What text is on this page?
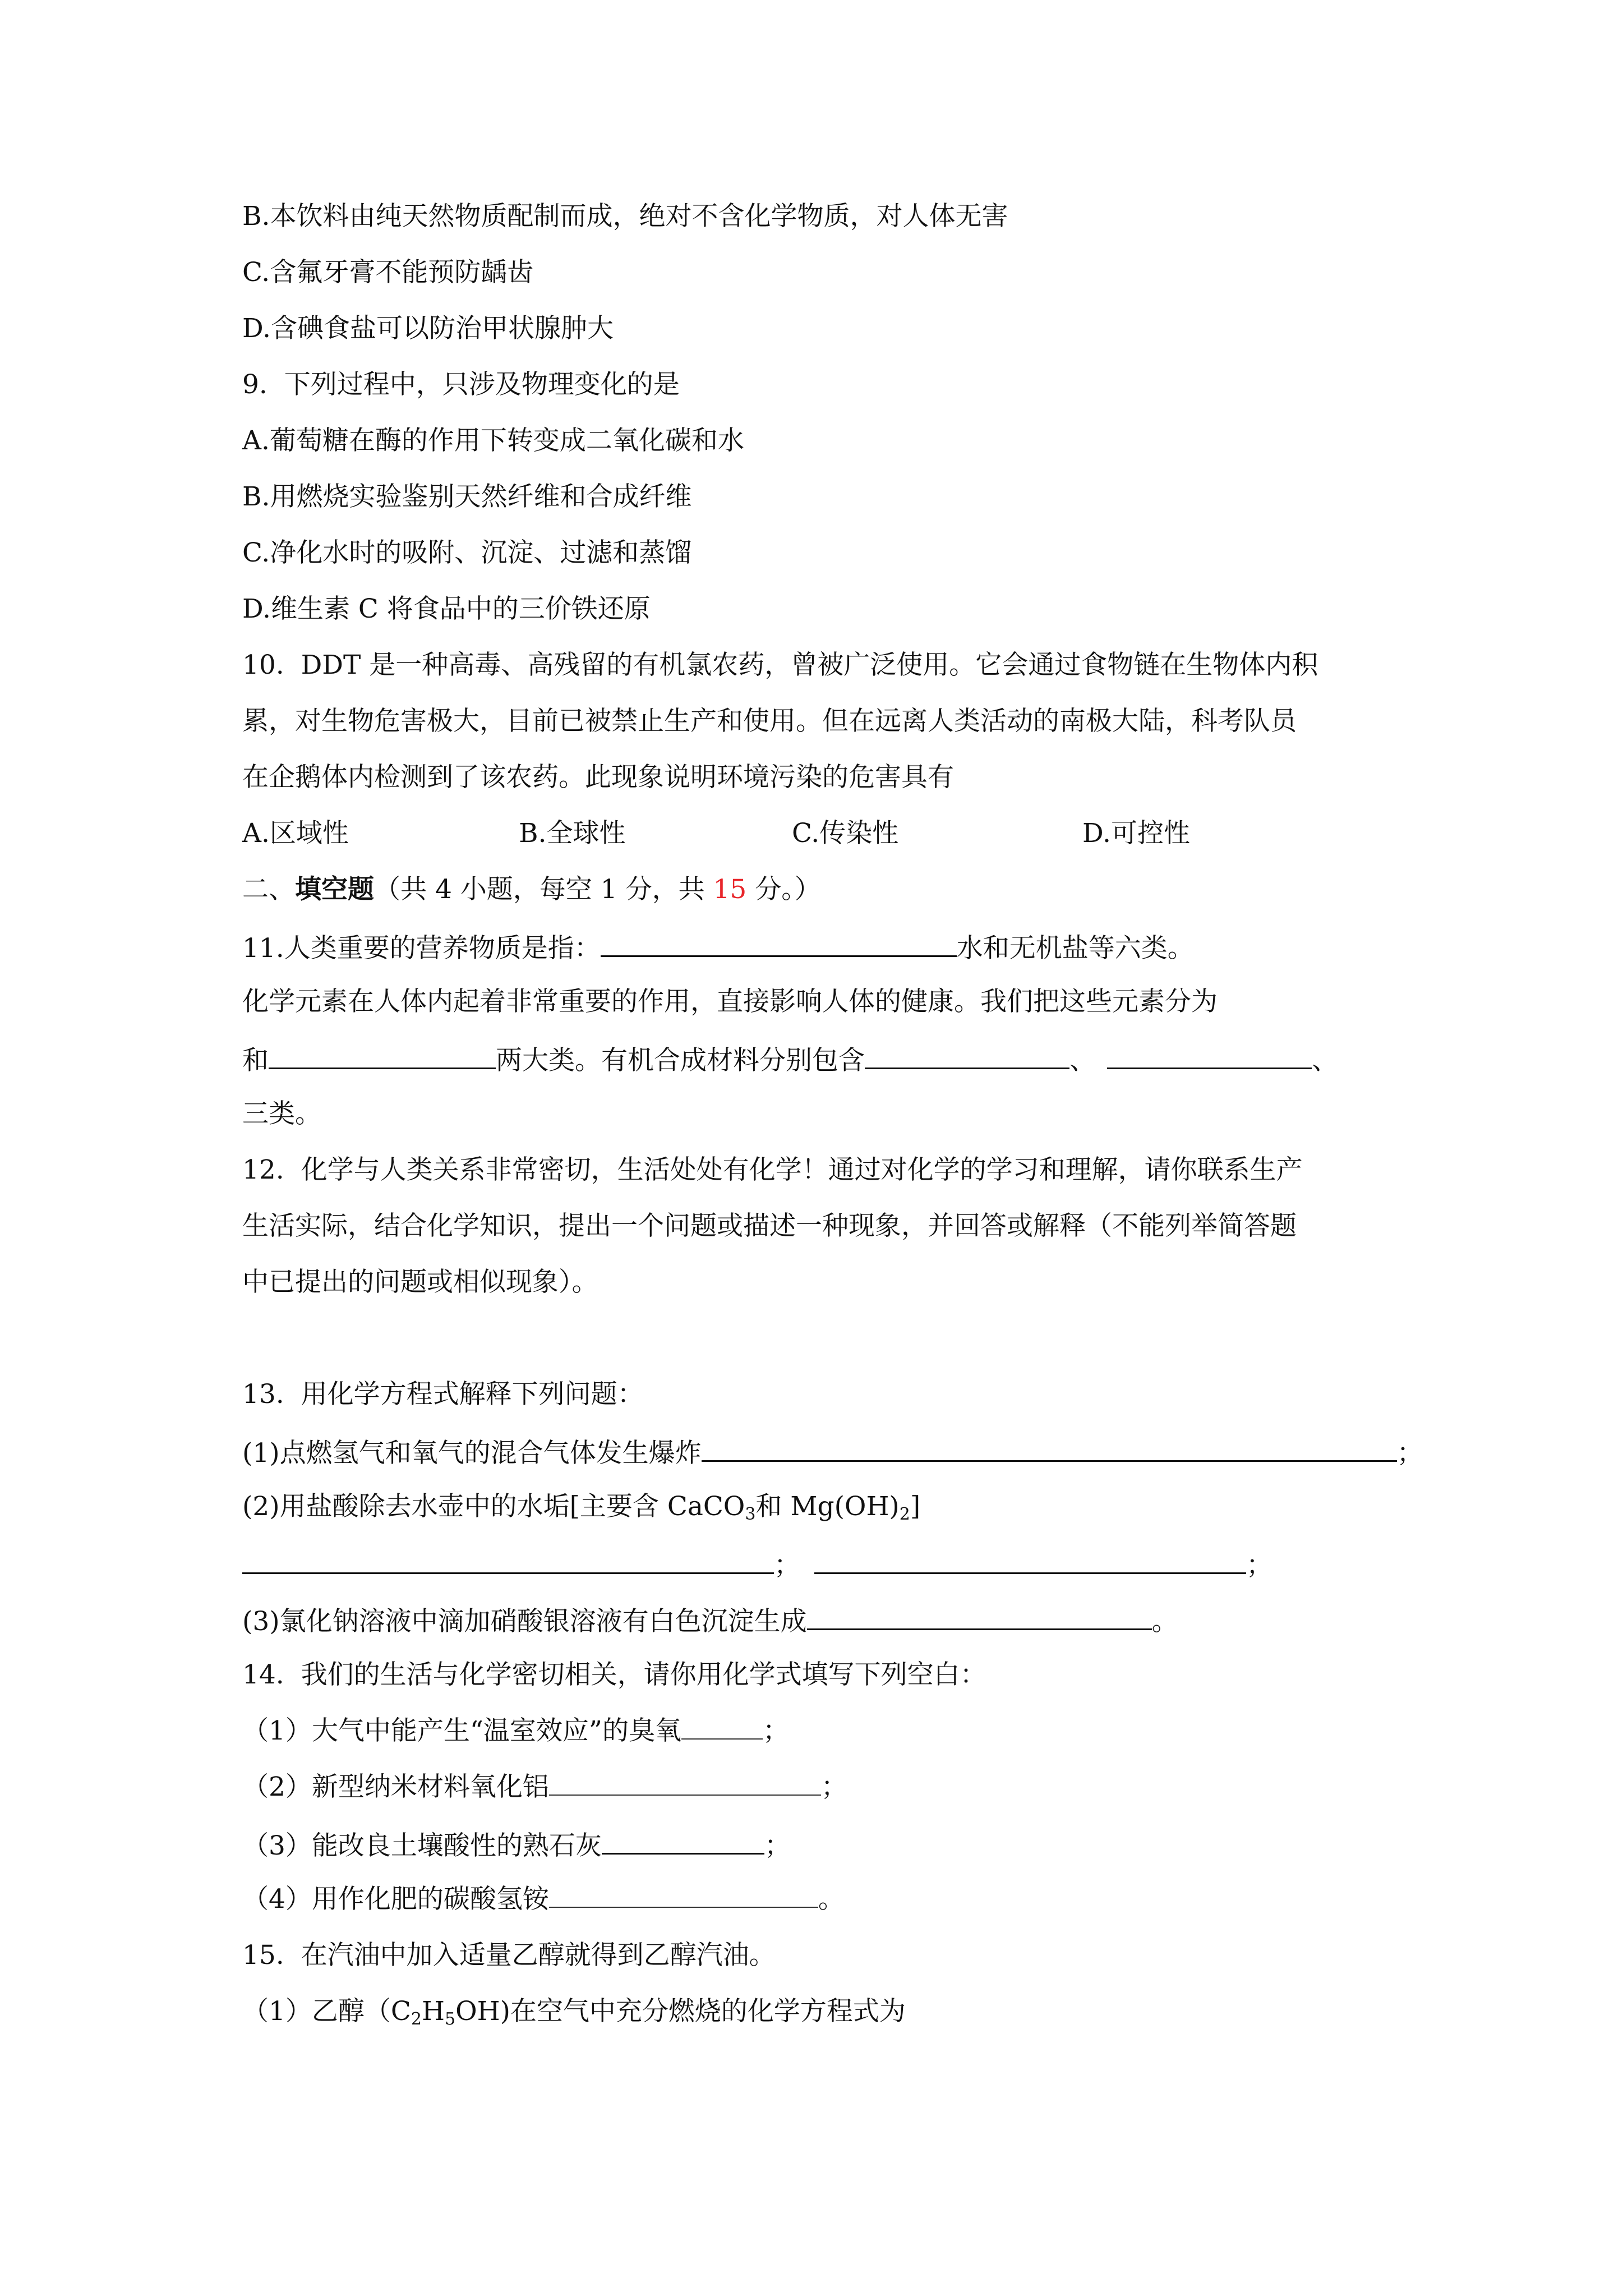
B.本饮料由纯天然物质配制而成，绝对不含化学物质，对人体无害
C.含氟牙膏不能预防龋齿
D.含碘食盐可以防治甲状腺肿大
9.  下列过程中，只涉及物理变化的是
A.葡萄糖在酶的作用下转变成二氧化碳和水
B.用燃烧实验鉴别天然纤维和合成纤维
C.净化水时的吸附、沉淀、过滤和蒸馏
D.维生素 C 将食品中的三价铁还原
10.  DDT 是一种高毒、高残留的有机氯农药，曾被广泛使用。它会通过食物链在生物体内积
累，对生物危害极大，目前已被禁止生产和使用。但在远离人类活动的南极大陆，科考队员
在企鹅体内检测到了该农药。此现象说明环境污染的危害具有
A.区域性	B.全球性	C.传染性	D.可控性
二、填空题（共 4 小题，每空 1 分，共 15 分。）
11.人类重要的营养物质是指：	水和无机盐等六类。
化学元素在人体内起着非常重要的作用，直接影响人体的健康。我们把这些元素分为
和	两大类。有机合成材料分别包含	、	、
三类。
12.  化学与人类关系非常密切，生活处处有化学！通过对化学的学习和理解，请你联系生产
生活实际，结合化学知识，提出一个问题或描述一种现象，并回答或解释（不能列举简答题
中已提出的问题或相似现象）。
13.  用化学方程式解释下列问题：
(1)点燃氢气和氧气的混合气体发生爆炸	；
(2)用盐酸除去水壶中的水垢[主要含 CaCO$_3$和 $Mg(OH)_2$]
；	；
(3)氯化钠溶液中滴加硝酸银溶液有白色沉淀生成	。
14.  我们的生活与化学密切相关，请你用化学式填写下列空白：
（1）大气中能产生“温室效应”的臭氧	；
（2）新型纳米材料氧化铝	；
（3）能改良土壤酸性的熟石灰	；
（4）用作化肥的碳酸氢铵	。
15.  在汽油中加入适量乙醇就得到乙醇汽油。
（1）乙醇$(C_2H_5OH)$在空气中充分燃烧的化学方程式为
